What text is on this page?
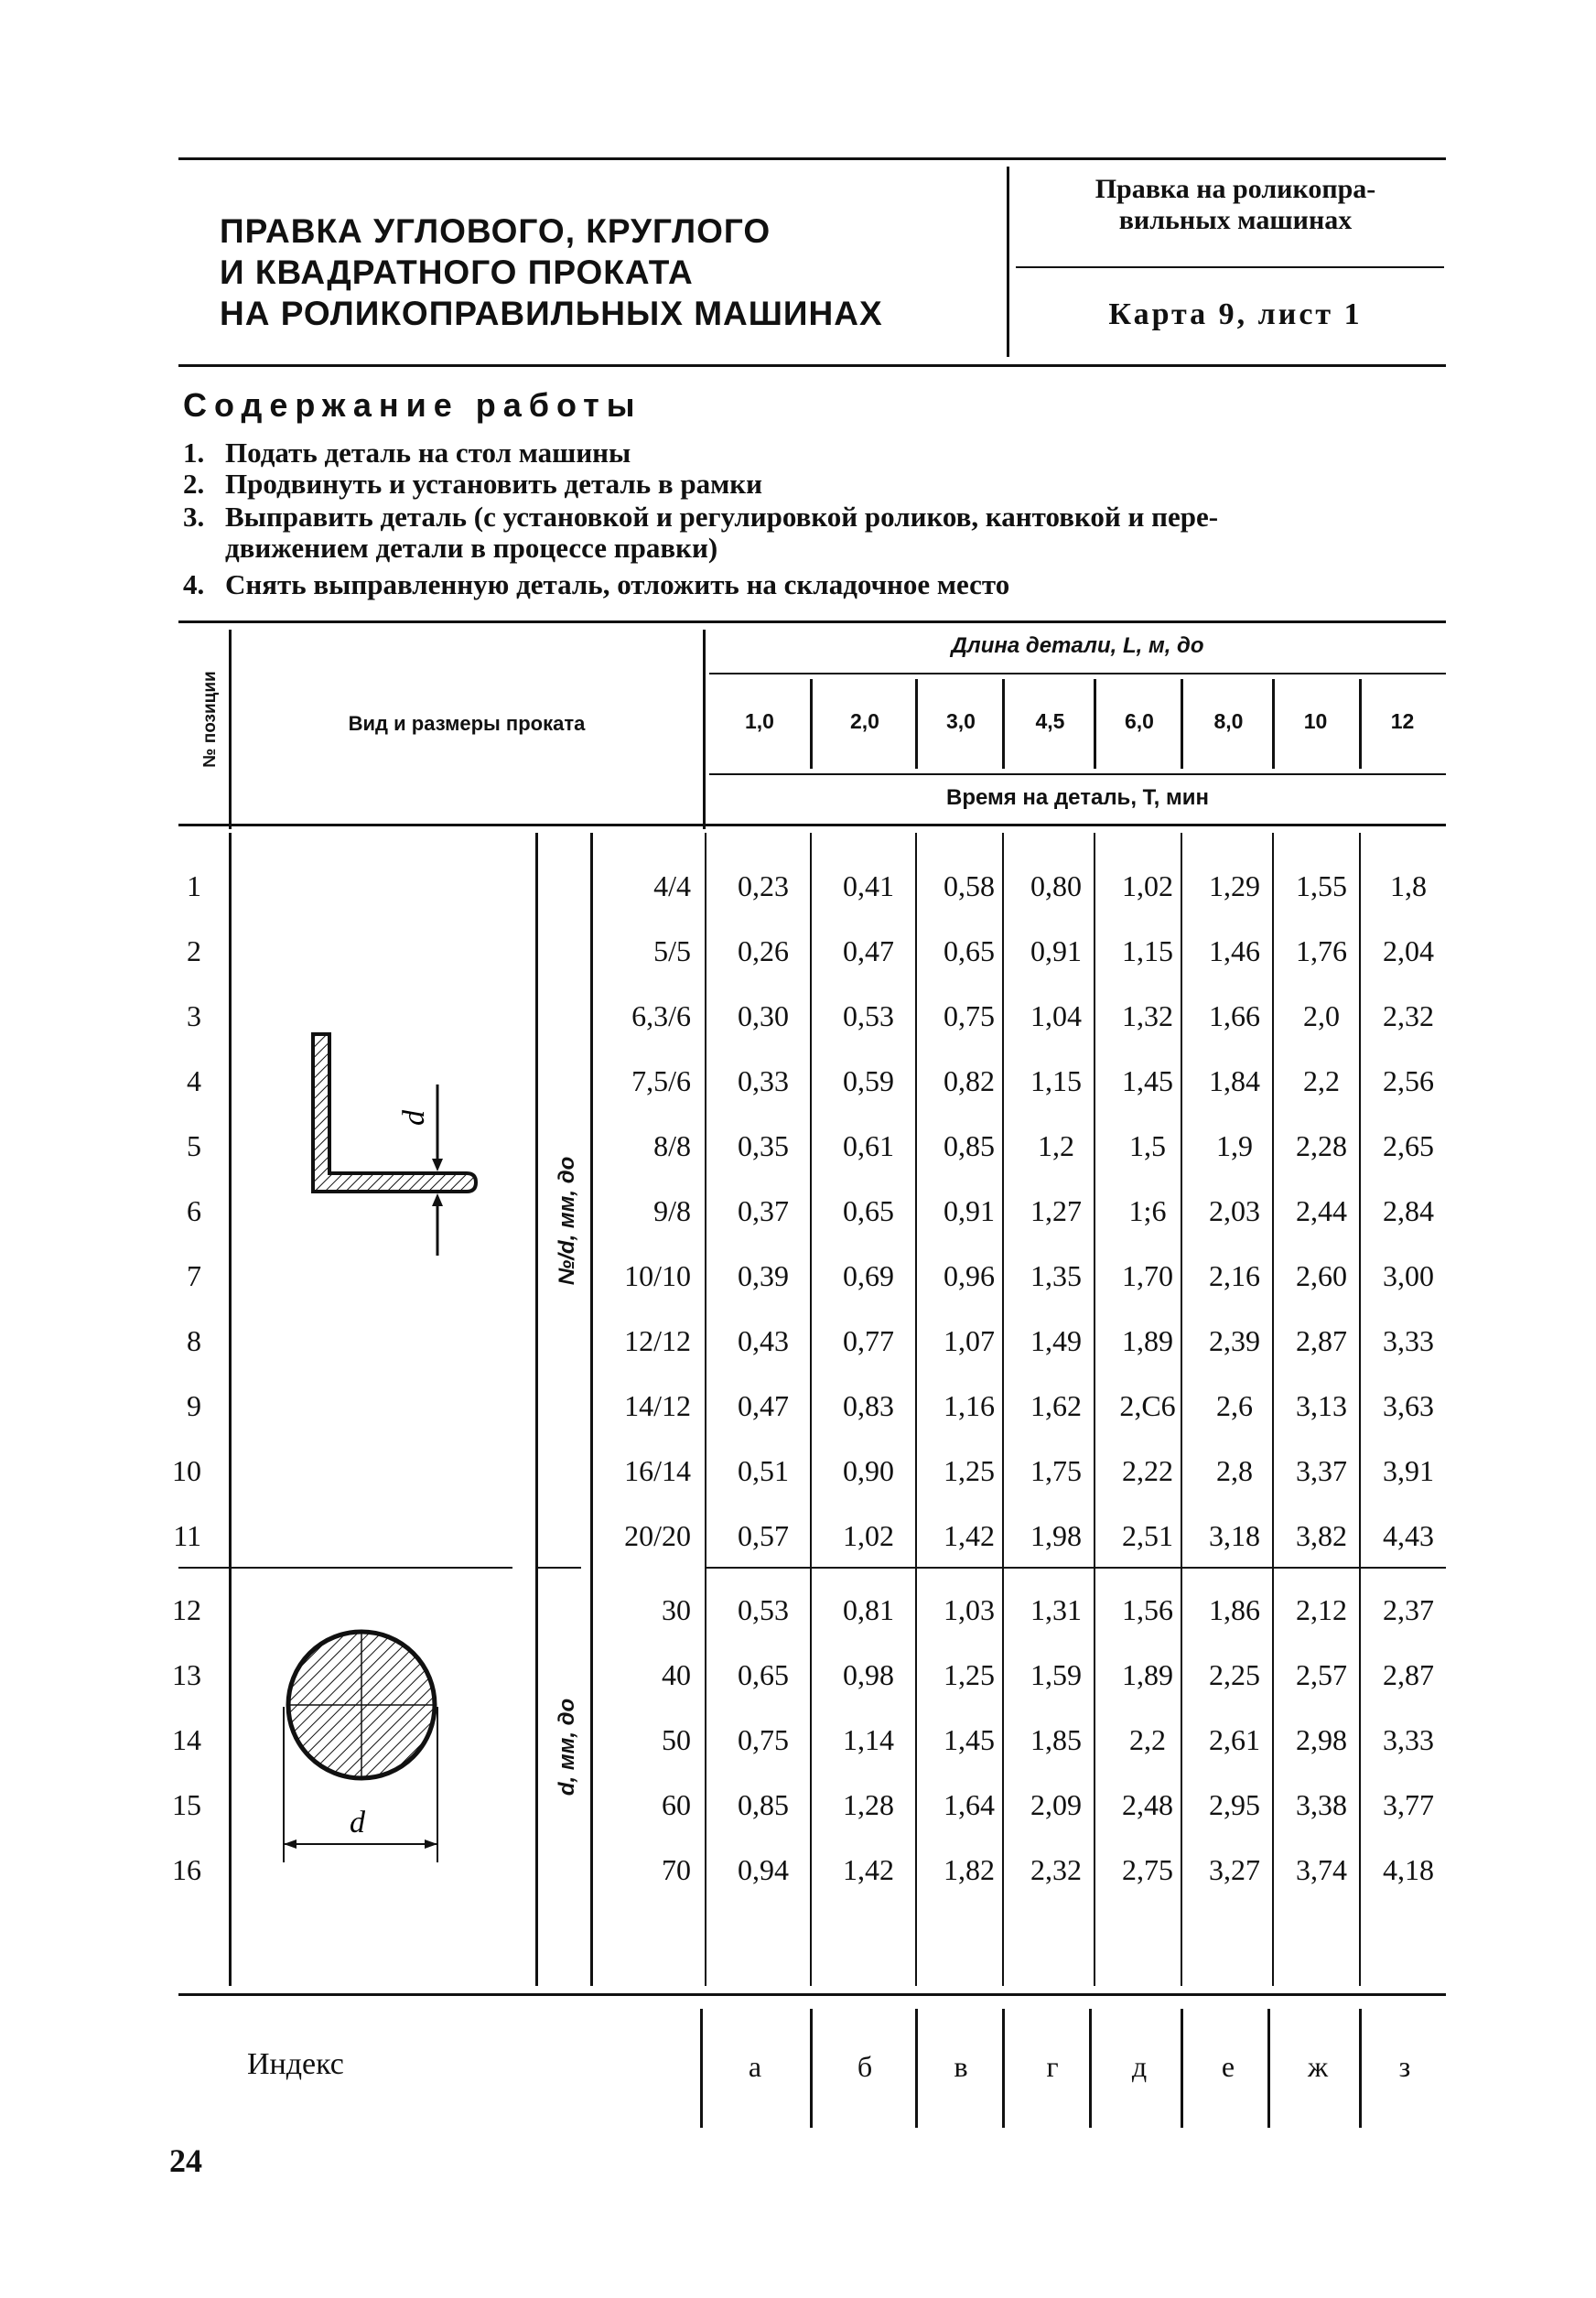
ПРАВКА УГЛОВОГО, КРУГЛОГО
И КВАДРАТНОГО ПРОКАТА
НА РОЛИКОПРАВИЛЬНЫХ МАШИНАХ
Правка на роликопра-
вильных машинах
Карта 9, лист 1
Содержание работы
1. Подать деталь на стол машины
2. Продвинуть и установить деталь в рамки
3. Выправить деталь (с установкой и регулировкой роликов, кантовкой и пере-
движением детали в процессе правки)
4. Снять выправленную деталь, отложить на складочное место
№ позиции	Вид и размеры проката
Длина детали, L, м, до
Время на деталь, T, мин
1,0	2,0	3,0	4,5	6,0	8,0	10	12
№/d, мм, до
d, мм, до
d
d
1	4/4	0,23	0,41	0,58	0,80	1,02	1,29	1,55	1,8
2	5/5	0,26	0,47	0,65	0,91	1,15	1,46	1,76	2,04
3	6,3/6	0,30	0,53	0,75	1,04	1,32	1,66	2,0	2,32
4	7,5/6	0,33	0,59	0,82	1,15	1,45	1,84	2,2	2,56
5	8/8	0,35	0,61	0,85	1,2	1,5	1,9	2,28	2,65
6	9/8	0,37	0,65	0,91	1,27	1;6	2,03	2,44	2,84
7	10/10	0,39	0,69	0,96	1,35	1,70	2,16	2,60	3,00
8	12/12	0,43	0,77	1,07	1,49	1,89	2,39	2,87	3,33
9	14/12	0,47	0,83	1,16	1,62	2,С6	2,6	3,13	3,63
10	16/14	0,51	0,90	1,25	1,75	2,22	2,8	3,37	3,91
11	20/20	0,57	1,02	1,42	1,98	2,51	3,18	3,82	4,43
12	30	0,53	0,81	1,03	1,31	1,56	1,86	2,12	2,37
13	40	0,65	0,98	1,25	1,59	1,89	2,25	2,57	2,87
14	50	0,75	1,14	1,45	1,85	2,2	2,61	2,98	3,33
15	60	0,85	1,28	1,64	2,09	2,48	2,95	3,38	3,77
16	70	0,94	1,42	1,82	2,32	2,75	3,27	3,74	4,18
Индекс	а	б	в	г	д	е	ж	з
24
